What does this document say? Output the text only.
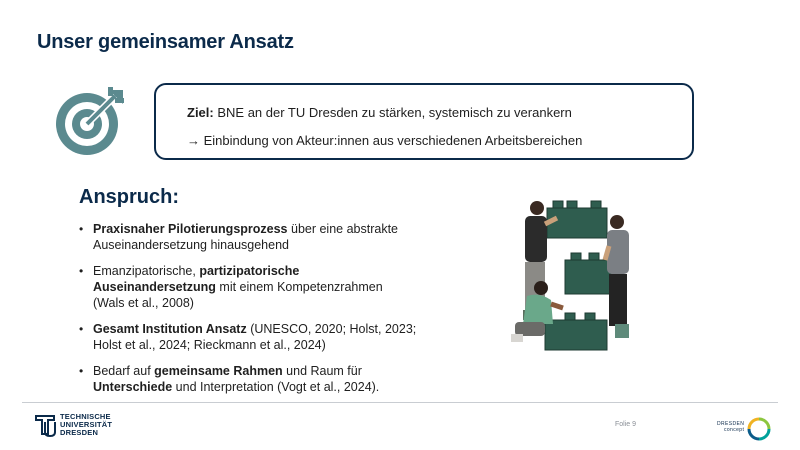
Unser gemeinsamer Ansatz
Ziel: BNE an der TU Dresden zu stärken, systemisch zu verankern
→ Einbindung von Akteur:innen aus verschiedenen Arbeitsbereichen
Anspruch:
• Praxisnaher Pilotierungsprozess über eine abstrakte
Auseinandersetzung hinausgehend
• Emanzipatorische, partizipatorische
Auseinandersetzung mit einem Kompetenzrahmen
(Wals et al., 2008)
• Gesamt Institution Ansatz (UNESCO, 2020; Holst, 2023;
Holst et al., 2024; Rieckmann et al., 2024)
• Bedarf auf gemeinsame Rahmen und Raum für
Unterschiede und Interpretation (Vogt et al., 2024).
TECHNISCHE
UNIVERSITÄT
DRESDEN
Folie 9	DRESDEN
concept
